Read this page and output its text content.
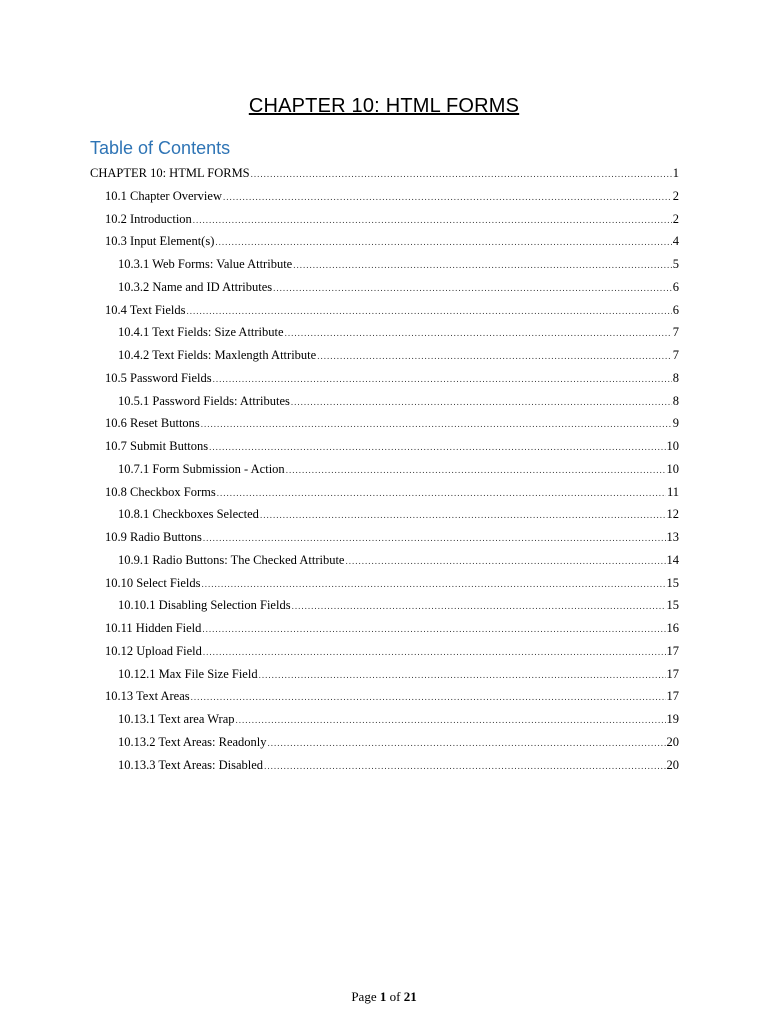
CHAPTER 10: HTML FORMS
Table of Contents
CHAPTER 10: HTML FORMS .....	1
10.1 Chapter Overview .....	2
10.2 Introduction .....	2
10.3 Input Element(s) .....	4
10.3.1 Web Forms: Value Attribute .....	5
10.3.2 Name and ID Attributes .....	6
10.4 Text Fields .....	6
10.4.1 Text Fields: Size Attribute .....	7
10.4.2 Text Fields: Maxlength Attribute .....	7
10.5 Password Fields .....	8
10.5.1 Password Fields: Attributes .....	8
10.6 Reset Buttons .....	9
10.7 Submit Buttons .....	10
10.7.1 Form Submission - Action .....	10
10.8 Checkbox Forms .....	11
10.8.1 Checkboxes Selected .....	12
10.9 Radio Buttons .....	13
10.9.1 Radio Buttons: The Checked Attribute .....	14
10.10 Select Fields .....	15
10.10.1 Disabling Selection Fields .....	15
10.11 Hidden Field .....	16
10.12 Upload Field .....	17
10.12.1 Max File Size Field .....	17
10.13 Text Areas .....	17
10.13.1 Text area Wrap .....	19
10.13.2 Text Areas: Readonly .....	20
10.13.3 Text Areas: Disabled .....	20
Page 1 of 21
